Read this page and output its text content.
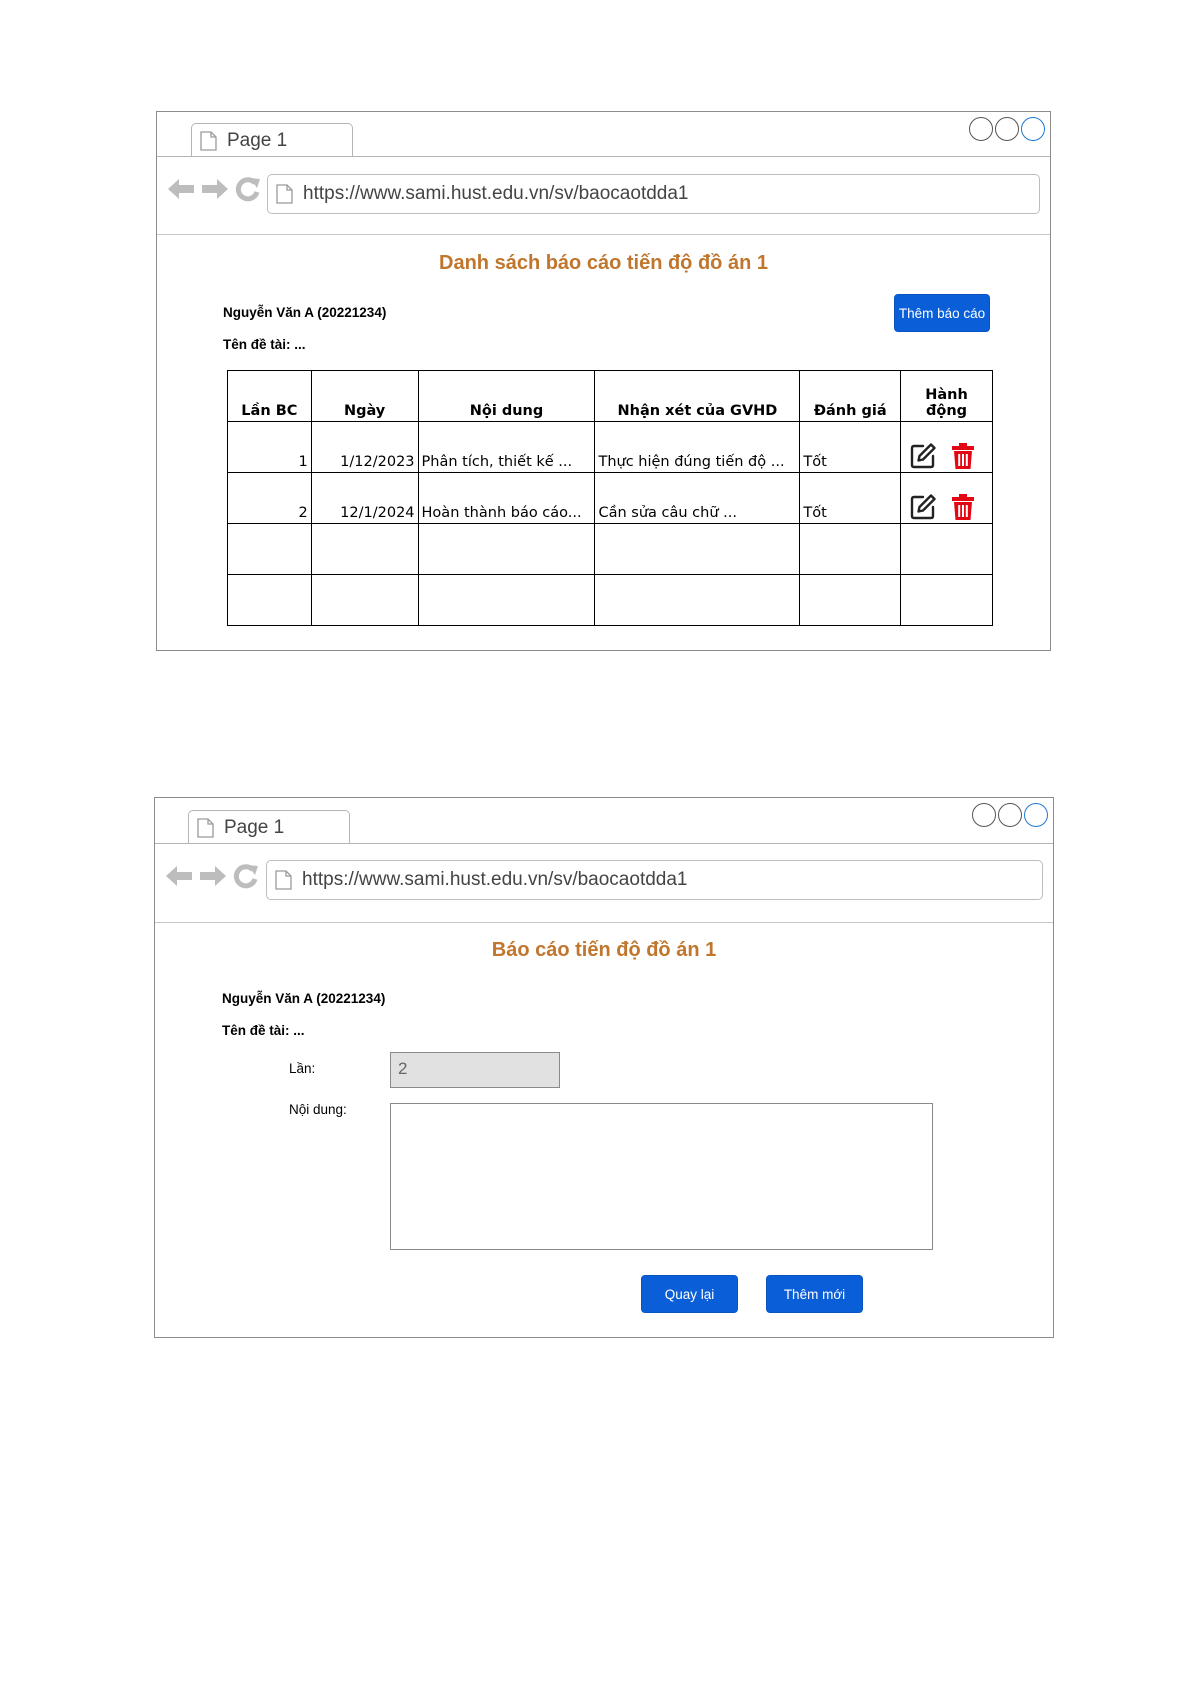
Page 1
https://www.sami.hust.edu.vn/sv/baocaotdda1
Danh sách báo cáo tiến độ đồ án 1
Nguyễn Văn A (20221234)
Tên đề tài: ...
Thêm báo cáo
Lần BC	Ngày	Nội dung	Nhận xét của GVHD	Đánh giá	Hành động
1	1/12/2023	Phân tích, thiết kế ...	Thực hiện đúng tiến độ ...	Tốt	

2	12/1/2024	Hoàn thành báo cáo...	Cần sửa câu chữ ...	Tốt	

Page 1
https://www.sami.hust.edu.vn/sv/baocaotdda1
Báo cáo tiến độ đồ án 1
Nguyễn Văn A (20221234)
Tên đề tài: ...
Lần:	2
Nội dung:
Quay lại	Thêm mới
